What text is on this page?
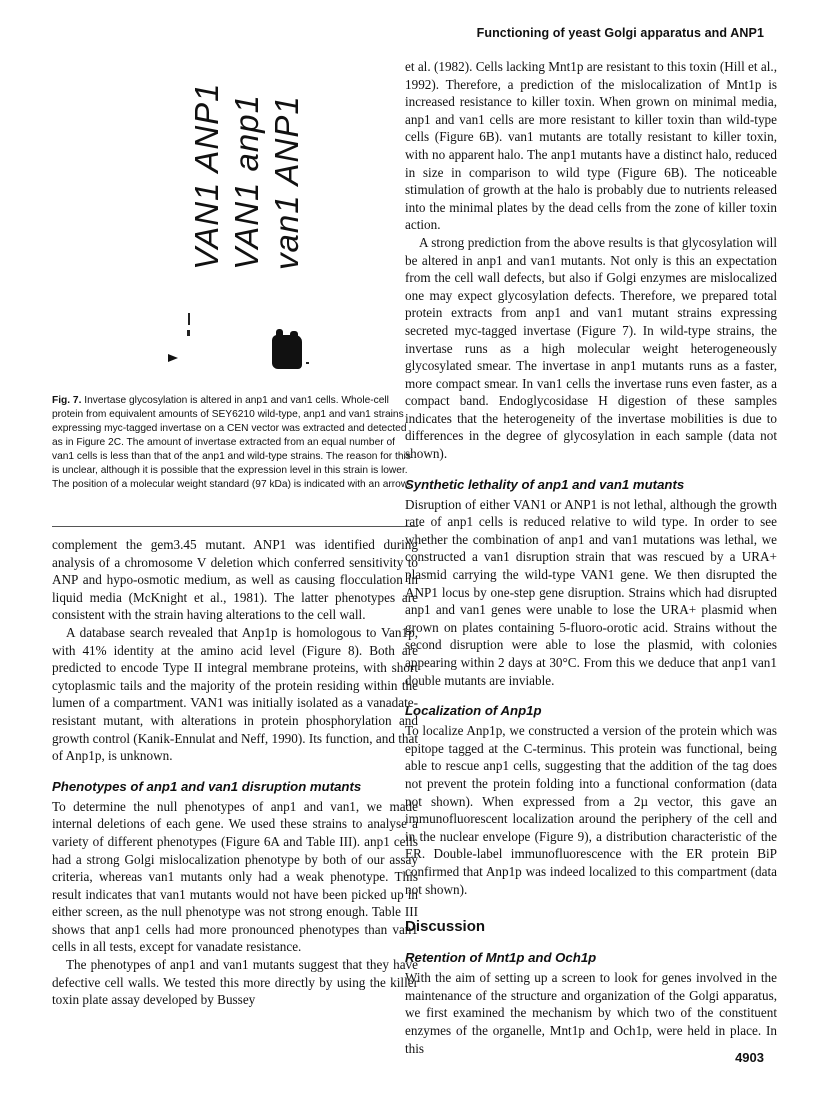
Functioning of yeast Golgi apparatus and ANP1
VAN1 ANP1 VAN1 anp1 van1 ANP1

Fig. 7. Invertase glycosylation is altered in anp1 and van1 cells. Whole-cell protein from equivalent amounts of SEY6210 wild-type, anp1 and van1 strains expressing myc-tagged invertase on a CEN vector was extracted and detected as in Figure 2C. The amount of invertase extracted from an equal number of van1 cells is less than that of the anp1 and wild-type strains. The reason for this is unclear, although it is possible that the expression level in this strain is lower. The position of a molecular weight standard (97 kDa) is indicated with an arrow.

complement the gem3.45 mutant. ANP1 was identified during analysis of a chromosome V deletion which conferred sensitivity to ANP and hypo-osmotic medium, as well as causing flocculation in liquid media (McKnight et al., 1981). The latter phenotypes are consistent with the strain having alterations to the cell wall.

A database search revealed that Anp1p is homologous to Van1p, with 41% identity at the amino acid level (Figure 8). Both are predicted to encode Type II integral membrane proteins, with short cytoplasmic tails and the majority of the protein residing within the lumen of a compartment. VAN1 was initially isolated as a vanadate-resistant mutant, with alterations in protein phosphorylation and growth control (Kanik-Ennulat and Neff, 1990). Its function, and that of Anp1p, is unknown.

Phenotypes of anp1 and van1 disruption mutants

To determine the null phenotypes of anp1 and van1, we made internal deletions of each gene. We used these strains to analyse a variety of different phenotypes (Figure 6A and Table III). anp1 cells had a strong Golgi mislocalization phenotype by both of our assay criteria, whereas van1 mutants only had a weak phenotype. This result indicates that van1 mutants would not have been picked up in either screen, as the null phenotype was not strong enough. Table III shows that anp1 cells had more pronounced phenotypes than van1 cells in all tests, except for vanadate resistance.

The phenotypes of anp1 and van1 mutants suggest that they have defective cell walls. We tested this more directly by using the killer toxin plate assay developed by Bussey

et al. (1982). Cells lacking Mnt1p are resistant to this toxin (Hill et al., 1992). Therefore, a prediction of the mislocalization of Mnt1p is increased resistance to killer toxin. When grown on minimal media, anp1 and van1 cells are more resistant to killer toxin than wild-type cells (Figure 6B). van1 mutants are totally resistant to killer toxin, with no apparent halo. The anp1 mutants have a distinct halo, reduced in size in comparison to wild type (Figure 6B). The noticeable stimulation of growth at the halo is probably due to nutrients released into the minimal plates by the dead cells from the zone of killer toxin action.

A strong prediction from the above results is that glycosylation will be altered in anp1 and van1 mutants. Not only is this an expectation from the cell wall defects, but also if Golgi enzymes are mislocalized one may expect glycosylation defects. Therefore, we prepared total protein extracts from anp1 and van1 mutant strains expressing secreted myc-tagged invertase (Figure 7). In wild-type strains, the invertase runs as a high molecular weight heterogeneously glycosylated smear. The invertase in anp1 mutants runs as a faster, more compact smear. In van1 cells the invertase runs even faster, as a compact band. Endoglycosidase H digestion of these samples indicates that the heterogeneity of the invertase mobilities is due to differences in the degree of glycosylation in each sample (data not shown).

Synthetic lethality of anp1 and van1 mutants

Disruption of either VAN1 or ANP1 is not lethal, although the growth rate of anp1 cells is reduced relative to wild type. In order to see whether the combination of anp1 and van1 mutations was lethal, we constructed a van1 disruption strain that was rescued by a URA+ plasmid carrying the wild-type VAN1 gene. We then disrupted the ANP1 locus by one-step gene disruption. Strains which had disrupted anp1 and van1 genes were unable to lose the URA+ plasmid when grown on plates containing 5-fluoro-orotic acid. Strains without the second disruption were able to lose the plasmid, with colonies appearing within 2 days at 30°C. From this we deduce that anp1 van1 double mutants are inviable.

Localization of Anp1p

To localize Anp1p, we constructed a version of the protein which was epitope tagged at the C-terminus. This protein was functional, being able to rescue anp1 cells, suggesting that the addition of the tag does not prevent the protein folding into a functional conformation (data not shown). When expressed from a 2µ vector, this gave an immunofluorescent localization around the periphery of the cell and in the nuclear envelope (Figure 9), a distribution characteristic of the ER. Double-label immunofluorescence with the ER protein BiP confirmed that Anp1p was indeed localized to this compartment (data not shown).

Discussion
Retention of Mnt1p and Och1p

With the aim of setting up a screen to look for genes involved in the maintenance of the structure and organization of the Golgi apparatus, we first examined the mechanism by which two of the constituent enzymes of the organelle, Mnt1p and Och1p, were held in place. In this

4903
